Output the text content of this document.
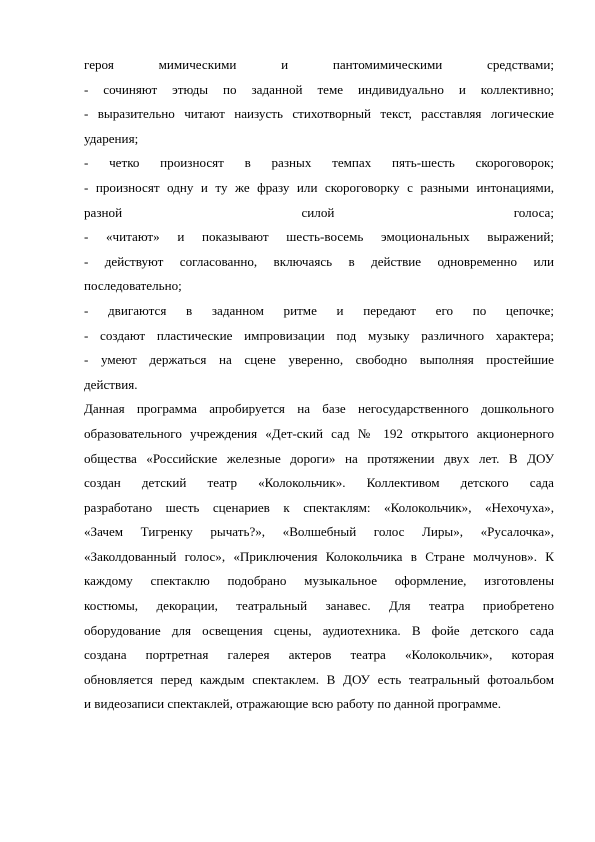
героя мимическими и пантомимическими средствами;
- сочиняют этюды по заданной теме индивидуально и коллективно;
- выразительно читают наизусть стихотворный текст, расставляя логические
ударения;
- четко произносят в разных темпах пять-шесть скороговорок;
- произносят одну и ту же фразу или скороговорку с разными интонациями,
разной силой голоса;
- «читают» и показывают шесть-восемь эмоциональных выражений;
- действуют согласованно, включаясь в действие одновременно или
последовательно;
- двигаются в заданном ритме и передают его по цепочке;
- создают пластические импровизации под музыку различного характера;
- умеют держаться на сцене уверенно, свободно выполняя простейшие
действия.
Данная программа апробируется на базе негосударственного дошкольного
образовательного учреждения «Дет-ский сад № 192 открытого акционерного
общества «Российские железные дороги» на протяжении двух лет. В ДОУ
создан детский театр «Колокольчик». Коллективом детского сада
разработано шесть сценариев к спектаклям: «Колокольчик», «Нехочуха»,
«Зачем Тигренку рычать?», «Волшебный голос Лиры», «Русалочка»,
«Заколдованный голос», «Приключения Колокольчика в Стране молчунов». К
каждому спектаклю подобрано музыкальное оформление, изготовлены
костюмы, декорации, театральный занавес. Для театра приобретено
оборудование для освещения сцены, аудиотехника. В фойе детского сада
создана портретная галерея актеров театра «Колокольчик», которая
обновляется перед каждым спектаклем. В ДОУ есть театральный фотоальбом
и видеозаписи спектаклей, отражающие всю работу по данной программе.
